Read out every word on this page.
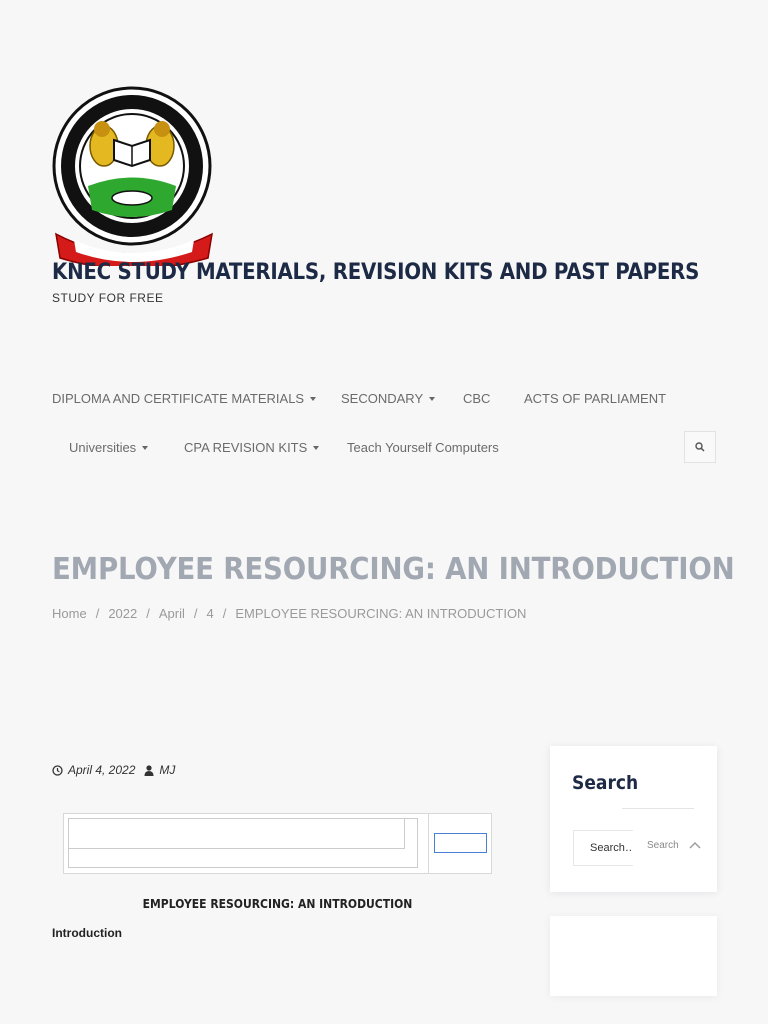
KNEC STUDY MATERIALS, REVISION KITS AND PAST PAPERS
STUDY FOR FREE
DIPLOMA AND CERTIFICATE MATERIALS	SECONDARY	CBC	ACTS OF PARLIAMENT
Universities	CPA REVISION KITS	Teach Yourself Computers
EMPLOYEE RESOURCING: AN INTRODUCTION
Home / 2022 / April / 4 / EMPLOYEE RESOURCING: AN INTRODUCTION
April 4, 2022 MJ
EMPLOYEE RESOURCING: AN INTRODUCTION
Introduction
Search
Search…
Search
